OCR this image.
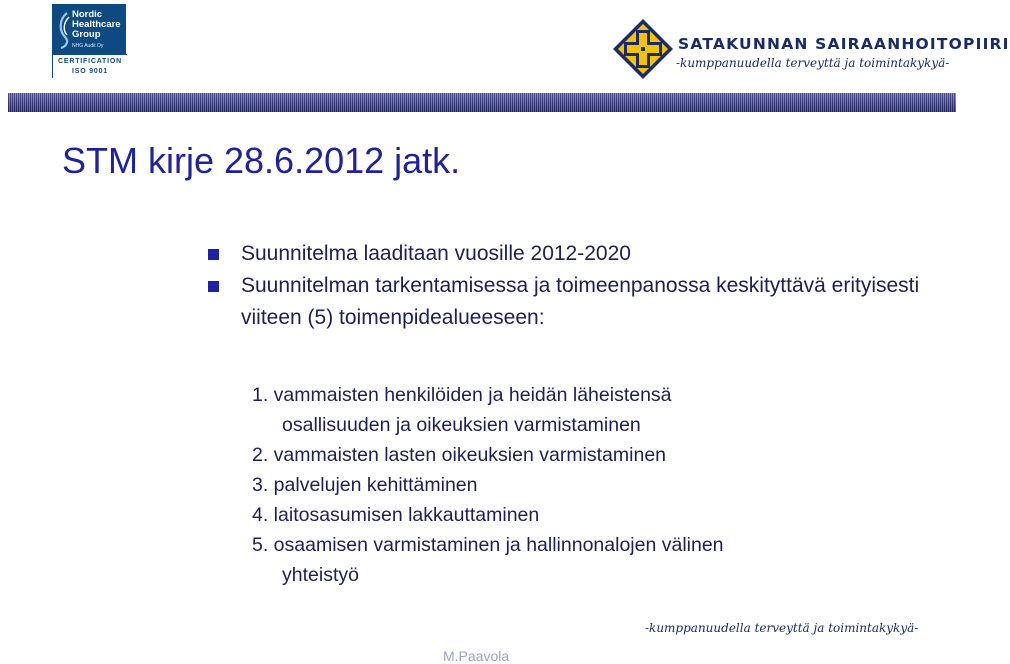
Nordic
Healthcare
Group
NHG Audit Oy
CERTIFICATION
ISO 9001
SATAKUNNAN SAIRAANHOITOPIIRI
-kumppanuudella terveyttä ja toimintakykyä-
STM kirje 28.6.2012 jatk.
Suunnitelma laaditaan vuosille 2012-2020
Suunnitelman tarkentamisessa ja toimeenpanossa keskityttävä erityisesti viiteen (5) toimenpidealueeseen:
1. vammaisten henkilöiden ja heidän läheistensä
osallisuuden ja oikeuksien varmistaminen
2. vammaisten lasten oikeuksien varmistaminen
3. palvelujen kehittäminen
4. laitosasumisen lakkauttaminen
5. osaamisen varmistaminen ja hallinnonalojen välinen
yhteistyö
-kumppanuudella terveyttä ja toimintakykyä-
M.Paavola
